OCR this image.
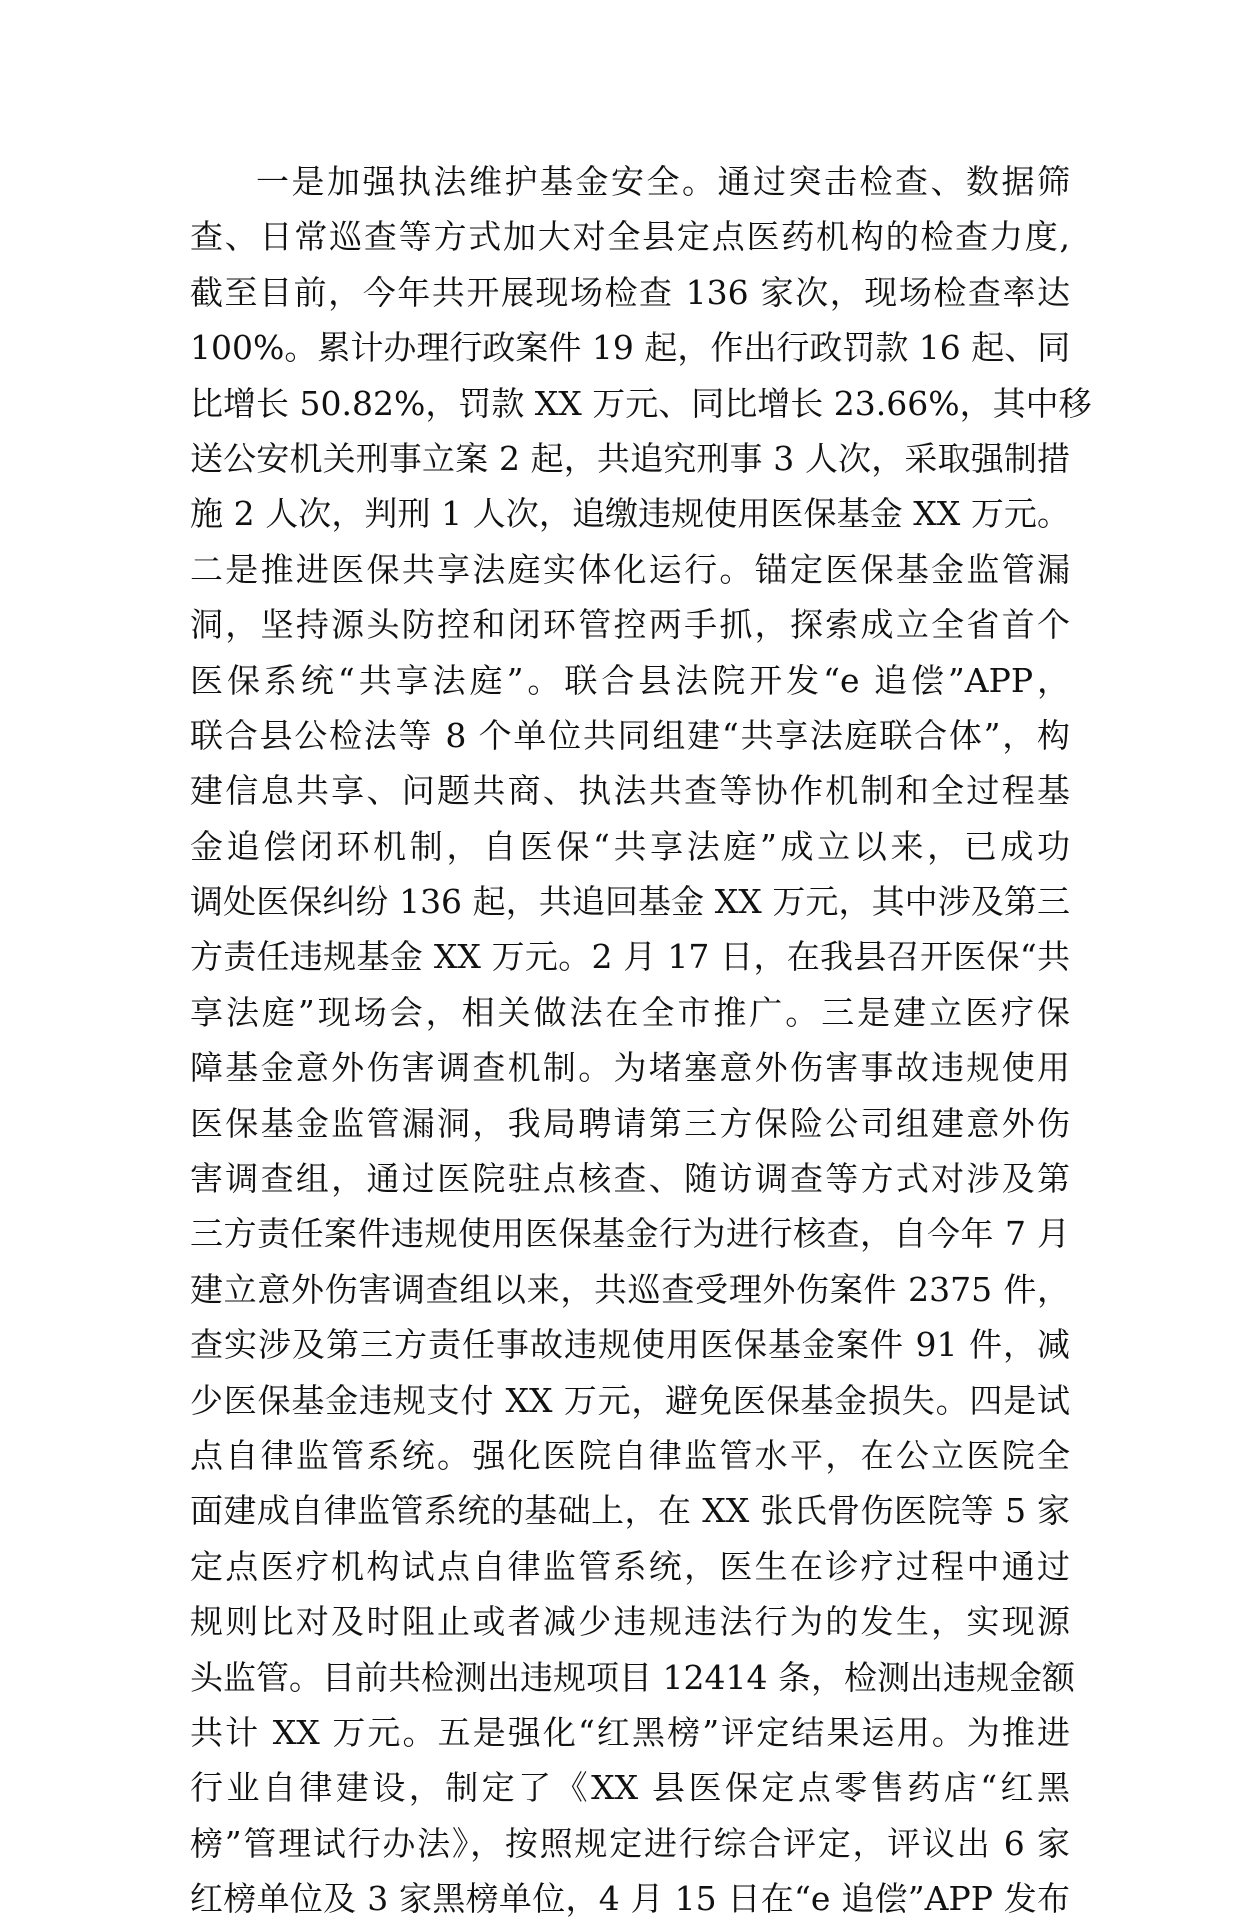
一是加强执法维护基金安全。通过突击检查、数据筛
查、日常巡查等方式加大对全县定点医药机构的检查力度,
截至目前，今年共开展现场检查 136 家次，现场检查率达
100%。累计办理行政案件 19 起，作出行政罚款 16 起、同
比增长 50.82%，罚款 XX 万元、同比增长 23.66%，其中移
送公安机关刑事立案 2 起，共追究刑事 3 人次，采取强制措
施 2 人次，判刑 1 人次，追缴违规使用医保基金 XX 万元。
二是推进医保共享法庭实体化运行。锚定医保基金监管漏
洞，坚持源头防控和闭环管控两手抓，探索成立全省首个
医保系统“共享法庭”。联合县法院开发“e 追偿”APP，
联合县公检法等 8 个单位共同组建“共享法庭联合体”，构
建信息共享、问题共商、执法共查等协作机制和全过程基
金追偿闭环机制，自医保“共享法庭”成立以来，已成功
调处医保纠纷 136 起，共追回基金 XX 万元，其中涉及第三
方责任违规基金 XX 万元。2 月 17 日，在我县召开医保“共
享法庭”现场会，相关做法在全市推广。三是建立医疗保
障基金意外伤害调查机制。为堵塞意外伤害事故违规使用
医保基金监管漏洞，我局聘请第三方保险公司组建意外伤
害调查组，通过医院驻点核查、随访调查等方式对涉及第
三方责任案件违规使用医保基金行为进行核查，自今年 7 月
建立意外伤害调查组以来，共巡查受理外伤案件 2375 件，
查实涉及第三方责任事故违规使用医保基金案件 91 件，减
少医保基金违规支付 XX 万元，避免医保基金损失。四是试
点自律监管系统。强化医院自律监管水平，在公立医院全
面建成自律监管系统的基础上，在 XX 张氏骨伤医院等 5 家
定点医疗机构试点自律监管系统，医生在诊疗过程中通过
规则比对及时阻止或者减少违规违法行为的发生，实现源
头监管。目前共检测出违规项目 12414 条，检测出违规金额
共计 XX 万元。五是强化“红黑榜”评定结果运用。为推进
行业自律建设，制定了《XX 县医保定点零售药店“红黑
榜”管理试行办法》，按照规定进行综合评定，评议出 6 家
红榜单位及 3 家黑榜单位，4 月 15 日在“e 追偿”APP 发布
